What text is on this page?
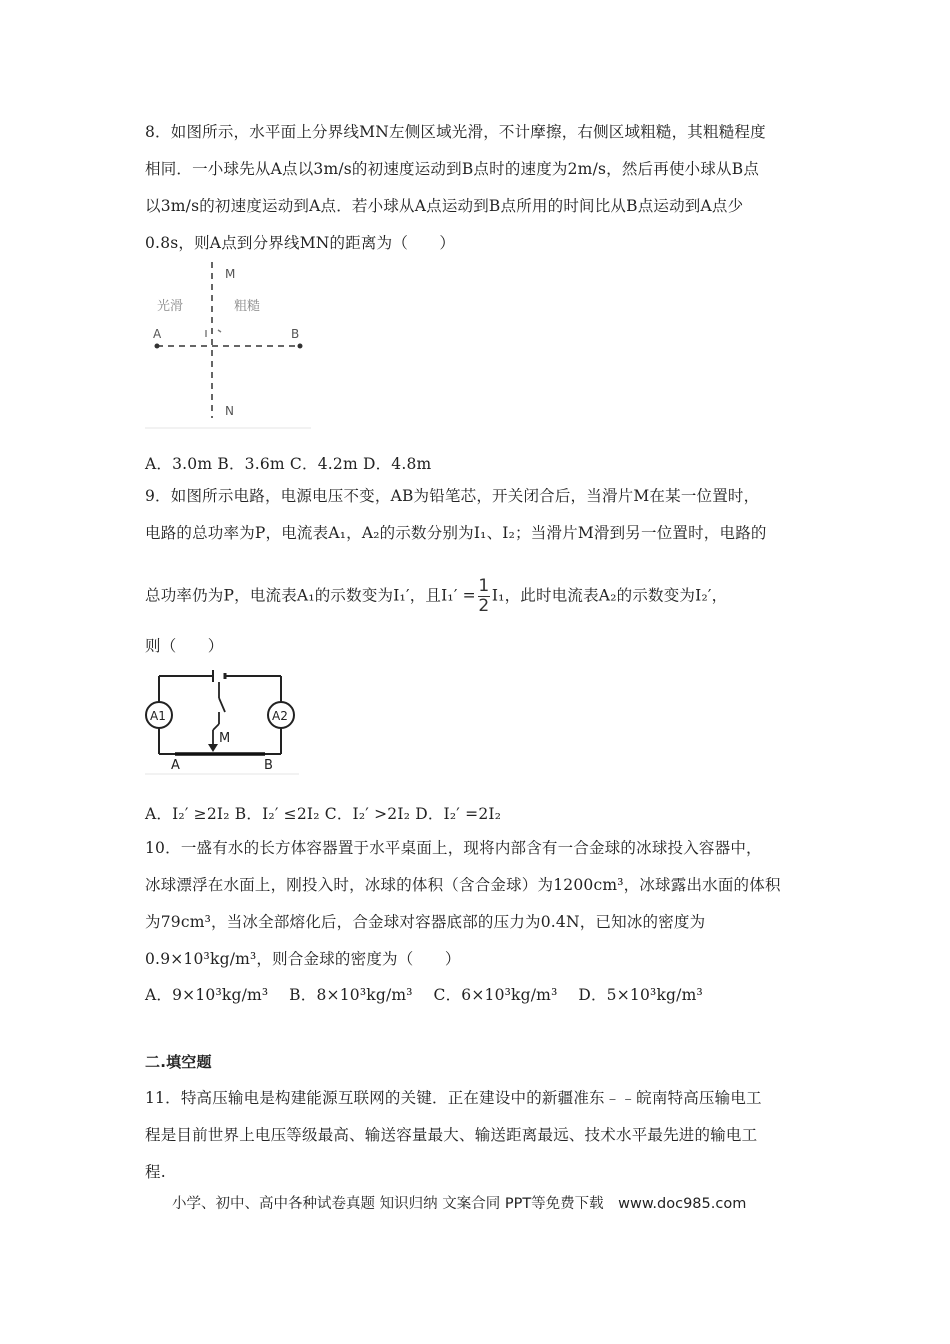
8．如图所示，水平面上分界线MN左侧区域光滑，不计摩擦，右侧区域粗糙，其粗糙程度
相同．一小球先从A点以3m/s的初速度运动到B点时的速度为2m/s，然后再使小球从B点
以3m/s的初速度运动到A点．若小球从A点运动到B点所用的时间比从B点运动到A点少
0.8s，则A点到分界线MN的距离为（　　）
光滑	粗糙
M
N
A	B
A．3.0m B．3.6m C．4.2m D．4.8m
9．如图所示电路，电源电压不变，AB为铅笔芯，开关闭合后，当滑片M在某一位置时，
电路的总功率为P，电流表A₁，A₂的示数分别为I₁、I₂；当滑片M滑到另一位置时，电路的
总功率仍为P，电流表A₁的示数变为I₁′，且$I_1' = \frac{1}{2} I_1$，此时电流表A₂的示数变为I₂′，
则（　　）
A1	A2
M
A	B
A．I₂′ ≥2I₂ B．I₂′ ≤2I₂ C．I₂′ >2I₂ D．I₂′ =2I₂
10．一盛有水的长方体容器置于水平桌面上，现将内部含有一合金球的冰球投入容器中，
冰球漂浮在水面上，刚投入时，冰球的体积（含合金球）为1200cm³，冰球露出水面的体积
为79cm³，当冰全部熔化后，合金球对容器底部的压力为0.4N，已知冰的密度为
0.9×10³kg/m³，则合金球的密度为（　　）
A．9×10³kg/m³　 B．8×10³kg/m³　 C．6×10³kg/m³　 D．5×10³kg/m³
二.填空题
11．特高压输电是构建能源互联网的关键．正在建设中的新疆准东﹣﹣皖南特高压输电工
程是目前世界上电压等级最高、输送容量最大、输送距离最远、技术水平最先进的输电工
程.
小学、初中、高中各种试卷真题 知识归纳 文案合同 PPT等免费下载　www.doc985.com
